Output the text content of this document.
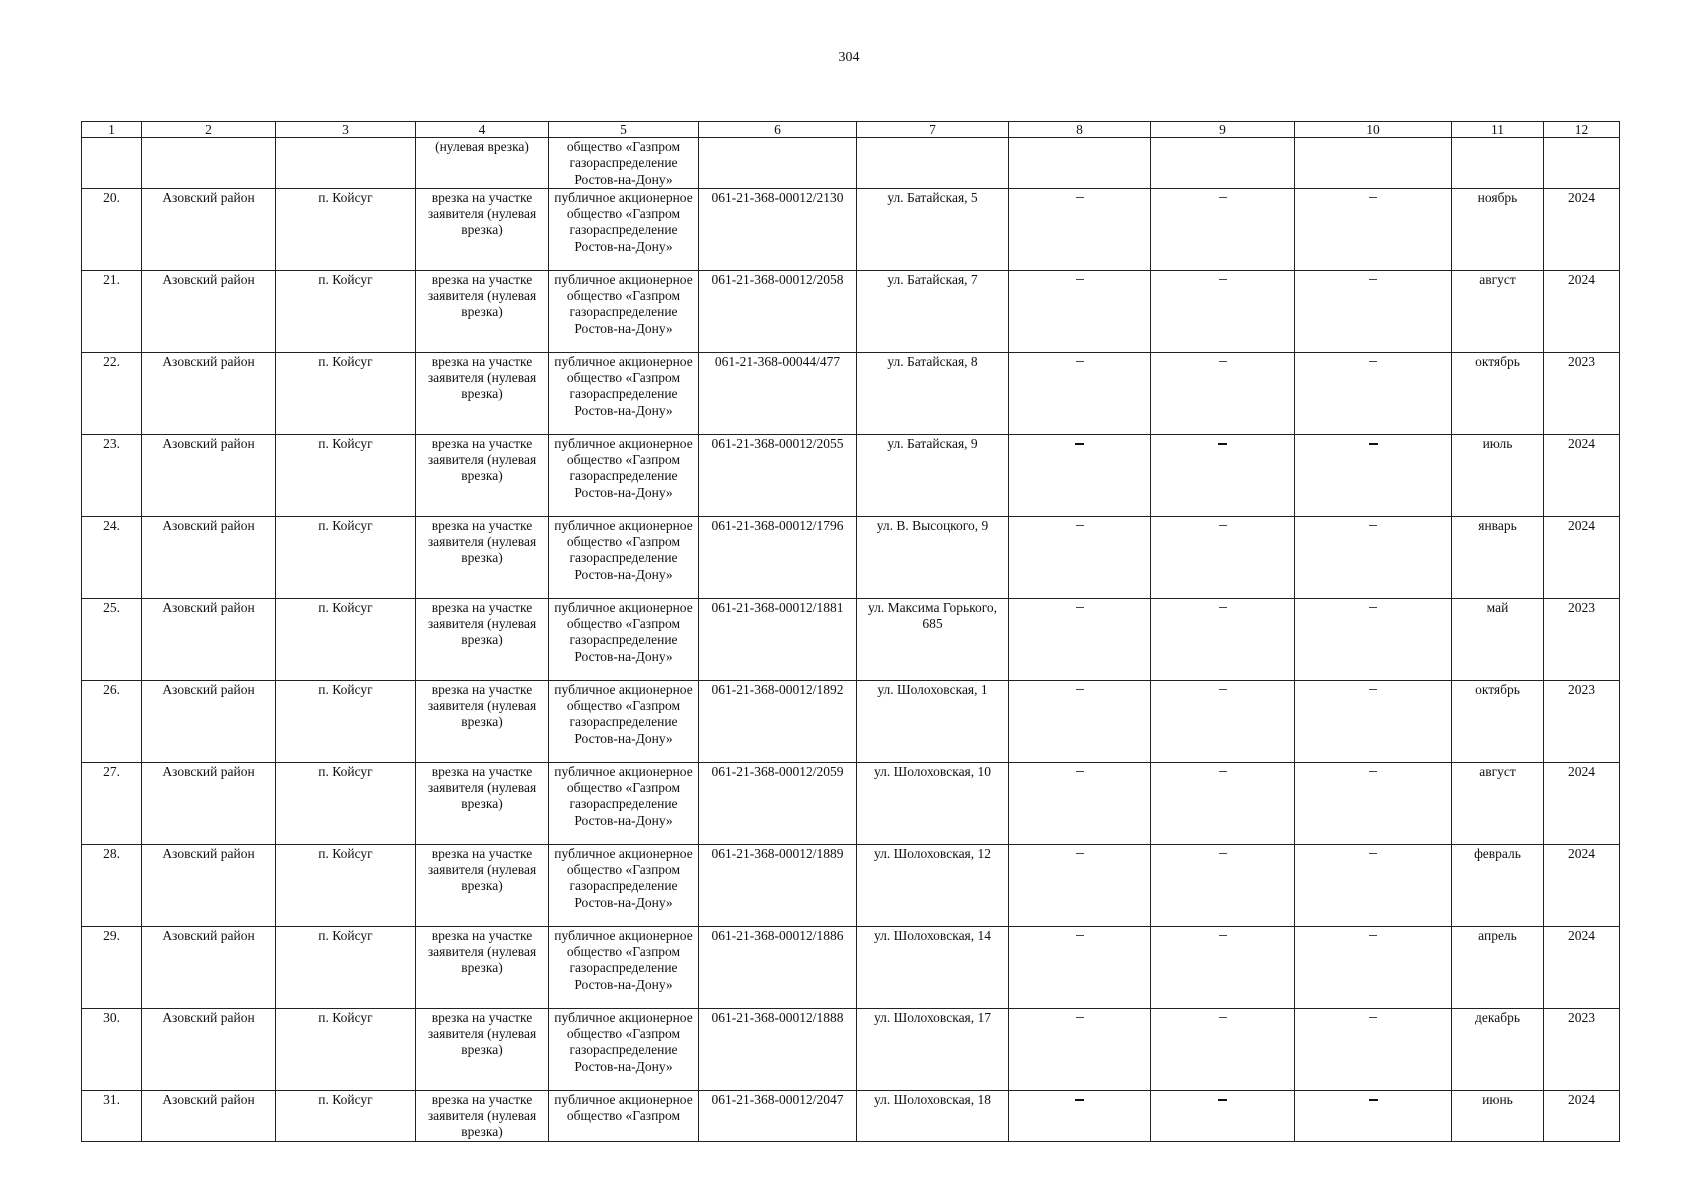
304
1	2	3	4	5	6	7	8	9	10	11	12
			(нулевая врезка)	общество «Газпром газораспределение Ростов-на-Дону»							
20.	Азовский район	п. Койсуг	врезка на участке заявителя (нулевая врезка)	публичное акционерное общество «Газпром газораспределение Ростов-на-Дону»	061-21-368-00012/2130	ул. Батайская, 5				ноябрь	2024
21.	Азовский район	п. Койсуг	врезка на участке заявителя (нулевая врезка)	публичное акционерное общество «Газпром газораспределение Ростов-на-Дону»	061-21-368-00012/2058	ул. Батайская, 7				август	2024
22.	Азовский район	п. Койсуг	врезка на участке заявителя (нулевая врезка)	публичное акционерное общество «Газпром газораспределение Ростов-на-Дону»	061-21-368-00044/477	ул. Батайская, 8				октябрь	2023
23.	Азовский район	п. Койсуг	врезка на участке заявителя (нулевая врезка)	публичное акционерное общество «Газпром газораспределение Ростов-на-Дону»	061-21-368-00012/2055	ул. Батайская, 9				июль	2024
24.	Азовский район	п. Койсуг	врезка на участке заявителя (нулевая врезка)	публичное акционерное общество «Газпром газораспределение Ростов-на-Дону»	061-21-368-00012/1796	ул. В. Высоцкого, 9				январь	2024
25.	Азовский район	п. Койсуг	врезка на участке заявителя (нулевая врезка)	публичное акционерное общество «Газпром газораспределение Ростов-на-Дону»	061-21-368-00012/1881	ул. Максима Горького, 685				май	2023
26.	Азовский район	п. Койсуг	врезка на участке заявителя (нулевая врезка)	публичное акционерное общество «Газпром газораспределение Ростов-на-Дону»	061-21-368-00012/1892	ул. Шолоховская, 1				октябрь	2023
27.	Азовский район	п. Койсуг	врезка на участке заявителя (нулевая врезка)	публичное акционерное общество «Газпром газораспределение Ростов-на-Дону»	061-21-368-00012/2059	ул. Шолоховская, 10				август	2024
28.	Азовский район	п. Койсуг	врезка на участке заявителя (нулевая врезка)	публичное акционерное общество «Газпром газораспределение Ростов-на-Дону»	061-21-368-00012/1889	ул. Шолоховская, 12				февраль	2024
29.	Азовский район	п. Койсуг	врезка на участке заявителя (нулевая врезка)	публичное акционерное общество «Газпром газораспределение Ростов-на-Дону»	061-21-368-00012/1886	ул. Шолоховская, 14				апрель	2024
30.	Азовский район	п. Койсуг	врезка на участке заявителя (нулевая врезка)	публичное акционерное общество «Газпром газораспределение Ростов-на-Дону»	061-21-368-00012/1888	ул. Шолоховская, 17				декабрь	2023
31.	Азовский район	п. Койсуг	врезка на участке заявителя (нулевая врезка)	публичное акционерное общество «Газпром	061-21-368-00012/2047	ул. Шолоховская, 18				июнь	2024
